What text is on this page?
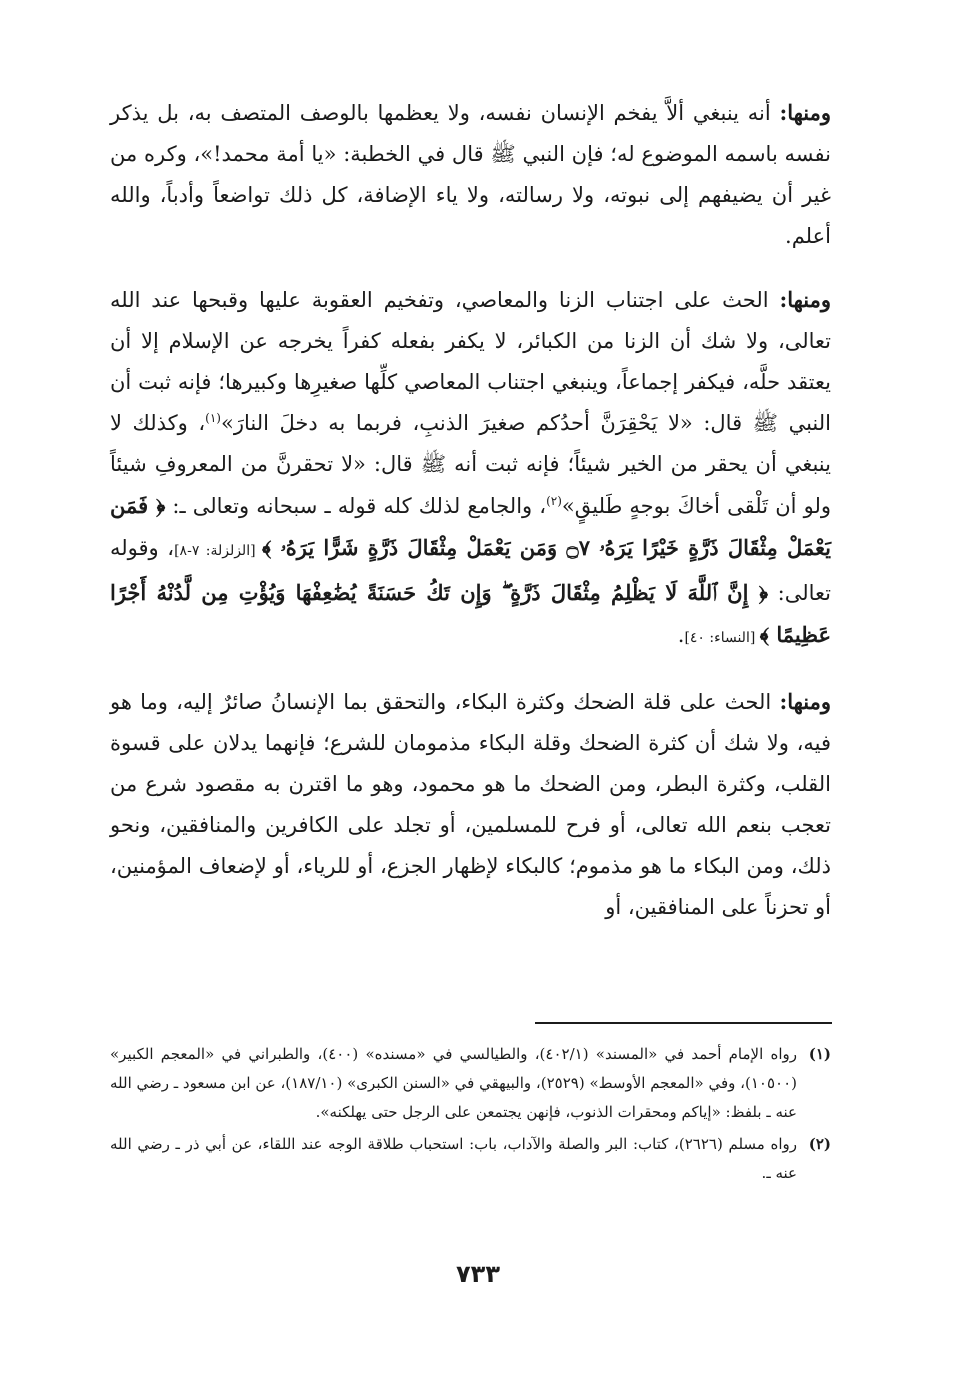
ومنها: أنه ينبغي ألاَّ يفخم الإنسان نفسه، ولا يعظمها بالوصف المتصف به، بل يذكر نفسه باسمه الموضوع له؛ فإن النبي ﷺ قال في الخطبة: «يا أمة محمد!»، وكره من غير أن يضيفهم إلى نبوته، ولا رسالته، ولا ياء الإضافة، كل ذلك تواضعاً وأدباً، والله أعلم.

ومنها: الحث على اجتناب الزنا والمعاصي، وتفخيم العقوبة عليها وقبحها عند الله تعالى، ولا شك أن الزنا من الكبائر، لا يكفر بفعله كفراً يخرجه عن الإسلام إلا أن يعتقد حلَّه، فيكفر إجماعاً، وينبغي اجتناب المعاصي كلِّها صغيرِها وكبيرها؛ فإنه ثبت أن النبي ﷺ قال: «لا يَحْقِرَنَّ أحدُكم صغيرَ الذنبِ، فربما به دخلَ النارَ»$^{(١)}$، وكذلك لا ينبغي أن يحقر من الخير شيئاً؛ فإنه ثبت أنه ﷺ قال: «لا تحقرنَّ من المعروفِ شيئاً ولو أن تَلْقى أخاكَ بوجهٍ طَليقٍ»$^{(٢)}$، والجامع لذلك كله قوله ـ سبحانه وتعالى ـ: ﴿ فَمَن يَعْمَلْ مِثْقَالَ ذَرَّةٍ خَيْرًا يَرَهُۥ ۝٧ وَمَن يَعْمَلْ مِثْقَالَ ذَرَّةٍ شَرًّا يَرَهُۥ ﴾ [الزلزلة: ٧-٨]، وقوله تعالى: ﴿ إِنَّ ٱللَّهَ لَا يَظْلِمُ مِثْقَالَ ذَرَّةٍ ۖ وَإِن تَكُ حَسَنَةً يُضَٰعِفْهَا وَيُؤْتِ مِن لَّدُنْهُ أَجْرًا عَظِيمًا ﴾ [النساء: ٤٠].

ومنها: الحث على قلة الضحك وكثرة البكاء، والتحقق بما الإنسانُ صائرٌ إليه، وما هو فيه، ولا شك أن كثرة الضحك وقلة البكاء مذمومان للشرع؛ فإنهما يدلان على قسوة القلب، وكثرة البطر، ومن الضحك ما هو محمود، وهو ما اقترن به مقصود شرع من تعجب بنعم الله تعالى، أو فرح للمسلمين، أو تجلد على الكافرين والمنافقين، ونحو ذلك، ومن البكاء ما هو مذموم؛ كالبكاء لإظهار الجزع، أو للرياء، أو لإضعاف المؤمنين، أو تحزناً على المنافقين، أو

(١)
رواه الإمام أحمد في «المسند» (٤٠٢/١)، والطيالسي في «مسنده» (٤٠٠)، والطبراني في «المعجم الكبير» (١٠٥٠٠)، وفي «المعجم الأوسط» (٢٥٢٩)، والبيهقي في «السنن الكبرى» (١٨٧/١٠)، عن ابن مسعود ـ رضي الله عنه ـ بلفظ: «إياكم ومحقرات الذنوب، فإنهن يجتمعن على الرجل حتى يهلكنه».
(٢)
رواه مسلم (٢٦٢٦)، كتاب: البر والصلة والآداب، باب: استحباب طلاقة الوجه عند اللقاء، عن أبي ذر ـ رضي الله عنه ـ.
٧٣٣
